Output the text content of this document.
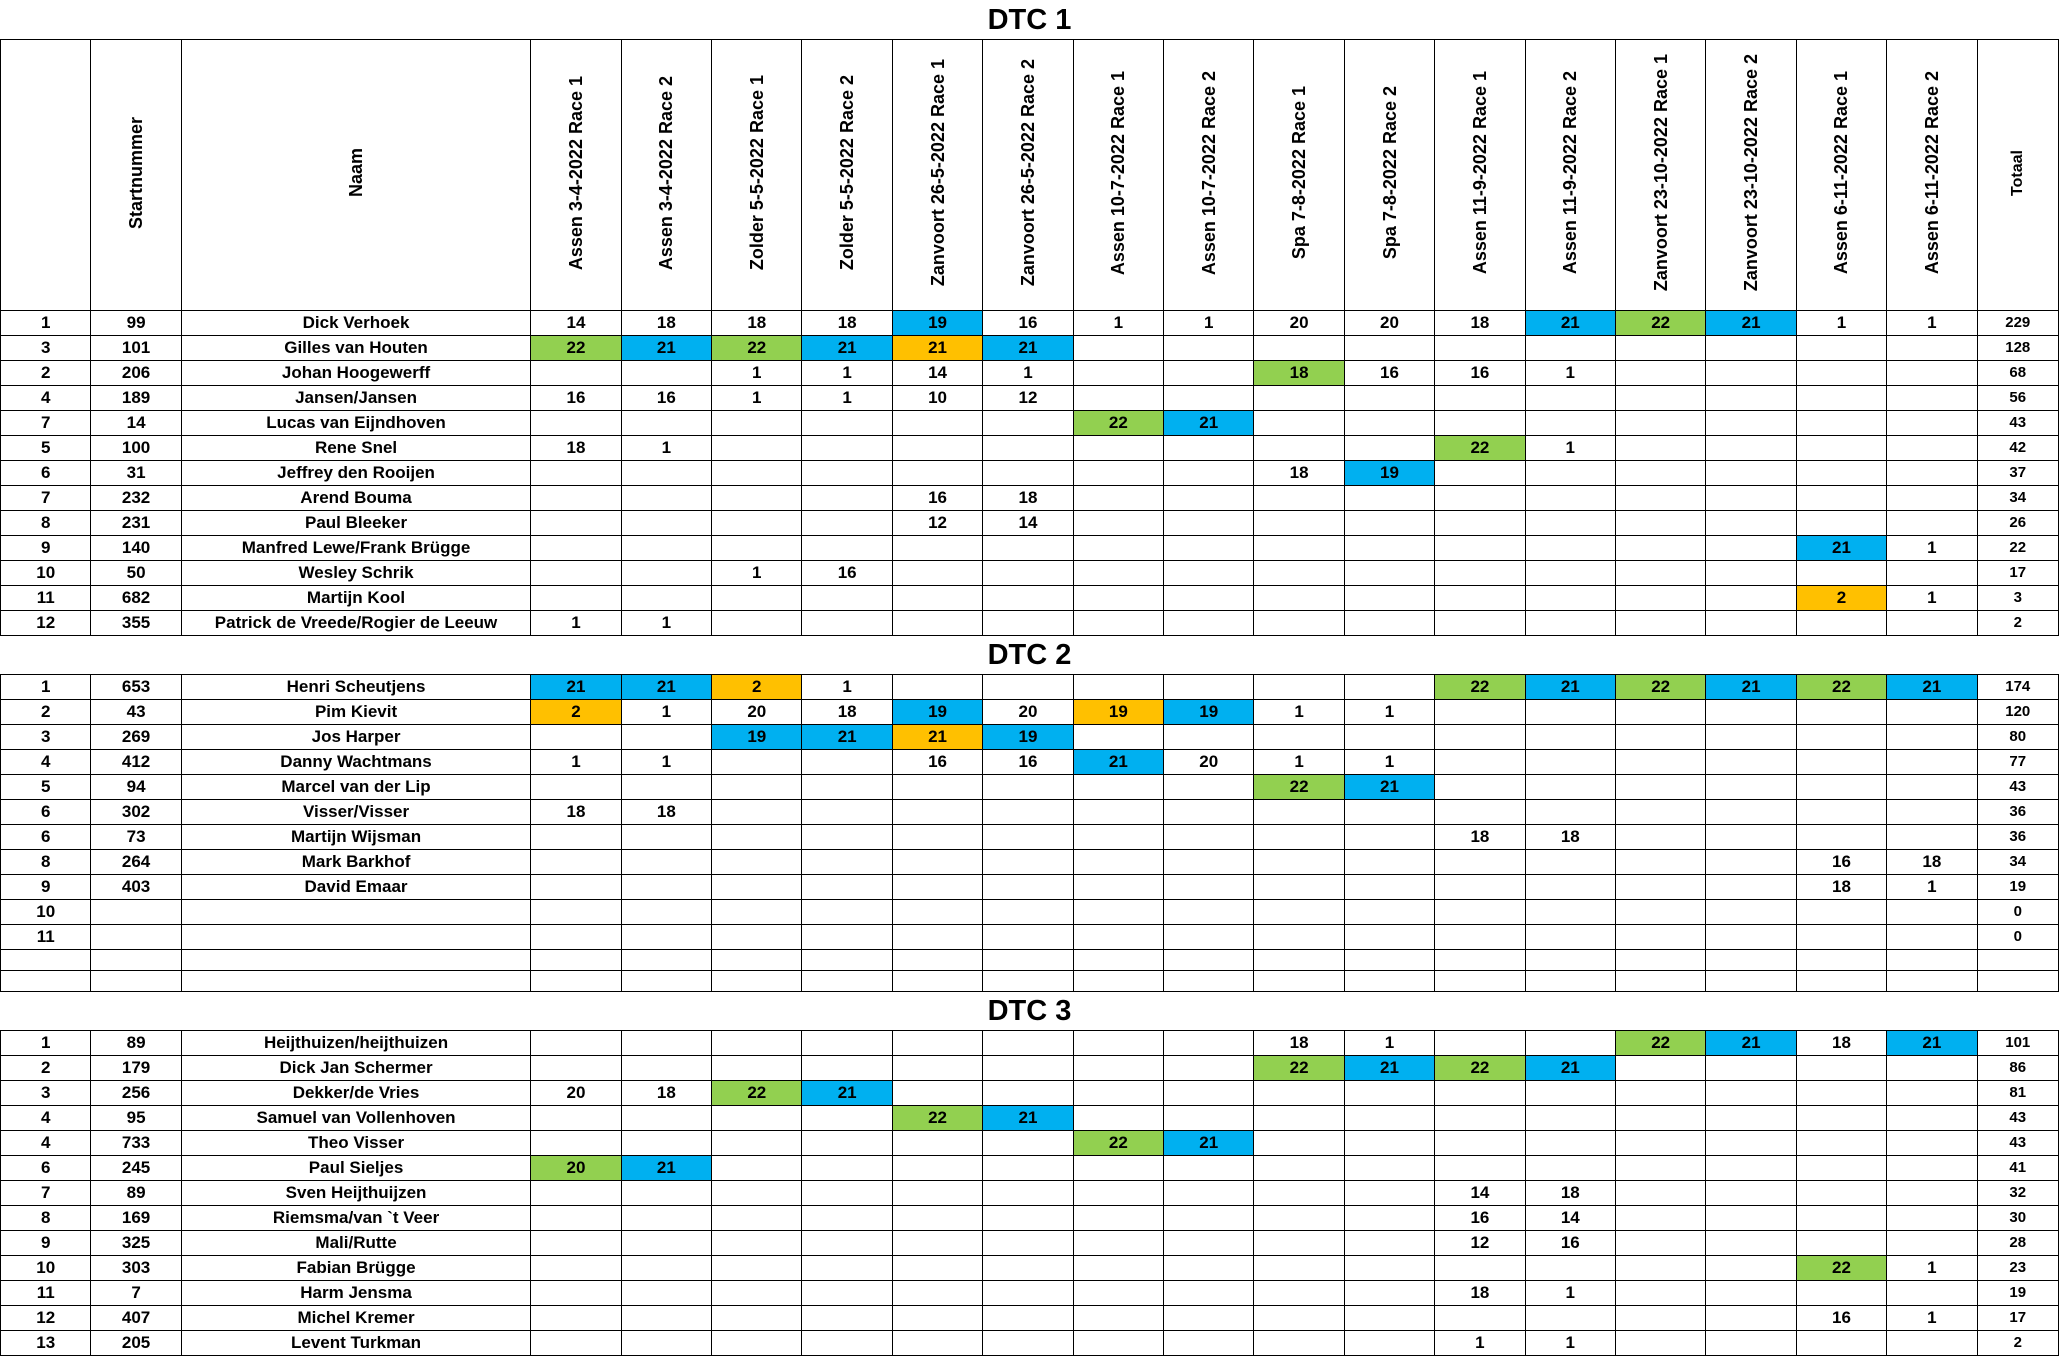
DTC 1																			
	Startnummer	Naam	Assen 3-4-2022 Race 1	Assen 3-4-2022 Race 2	Zolder 5-5-2022 Race 1	Zolder 5-5-2022 Race 2	Zanvoort 26-5-2022 Race 1	Zanvoort 26-5-2022 Race 2	Assen 10-7-2022 Race 1	Assen 10-7-2022 Race 2	Spa 7-8-2022 Race 1	Spa 7-8-2022 Race 2	Assen 11-9-2022 Race 1	Assen 11-9-2022 Race 2	Zanvoort 23-10-2022 Race 1	Zanvoort 23-10-2022 Race 2	Assen 6-11-2022 Race 1	Assen 6-11-2022 Race 2	Totaal
1	99	Dick Verhoek	14	18	18	18	19	16	1	1	20	20	18	21	22	21	1	1	229
3	101	Gilles van Houten	22	21	22	21	21	21											128
2	206	Johan Hoogewerff			1	1	14	1			18	16	16	1					68
4	189	Jansen/Jansen	16	16	1	1	10	12											56
7	14	Lucas van Eijndhoven							22	21									43
5	100	Rene Snel	18	1									22	1					42
6	31	Jeffrey den Rooijen									18	19							37
7	232	Arend Bouma					16	18											34
8	231	Paul Bleeker					12	14											26
9	140	Manfred Lewe/Frank Brügge															21	1	22
10	50	Wesley Schrik			1	16													17
11	682	Martijn Kool															2	1	3
12	355	Patrick de Vreede/Rogier de Leeuw	1	1															2
DTC 2																			
1	653	Henri Scheutjens	21	21	2	1							22	21	22	21	22	21	174
2	43	Pim Kievit	2	1	20	18	19	20	19	19	1	1							120
3	269	Jos Harper			19	21	21	19											80
4	412	Danny Wachtmans	1	1			16	16	21	20	1	1							77
5	94	Marcel van der Lip									22	21							43
6	302	Visser/Visser	18	18															36
6	73	Martijn Wijsman											18	18					36
8	264	Mark Barkhof															16	18	34
9	403	David Emaar															18	1	19
10																			0
11																			0

DTC 3																			
1	89	Heijthuizen/heijthuizen									18	1			22	21	18	21	101
2	179	Dick Jan Schermer									22	21	22	21					86
3	256	Dekker/de Vries	20	18	22	21													81
4	95	Samuel van Vollenhoven					22	21											43
4	733	Theo Visser							22	21									43
6	245	Paul Sieljes	20	21															41
7	89	Sven Heijthuijzen											14	18					32
8	169	Riemsma/van `t Veer											16	14					30
9	325	Mali/Rutte											12	16					28
10	303	Fabian Brügge															22	1	23
11	7	Harm Jensma											18	1					19
12	407	Michel Kremer															16	1	17
13	205	Levent Turkman											1	1					2
